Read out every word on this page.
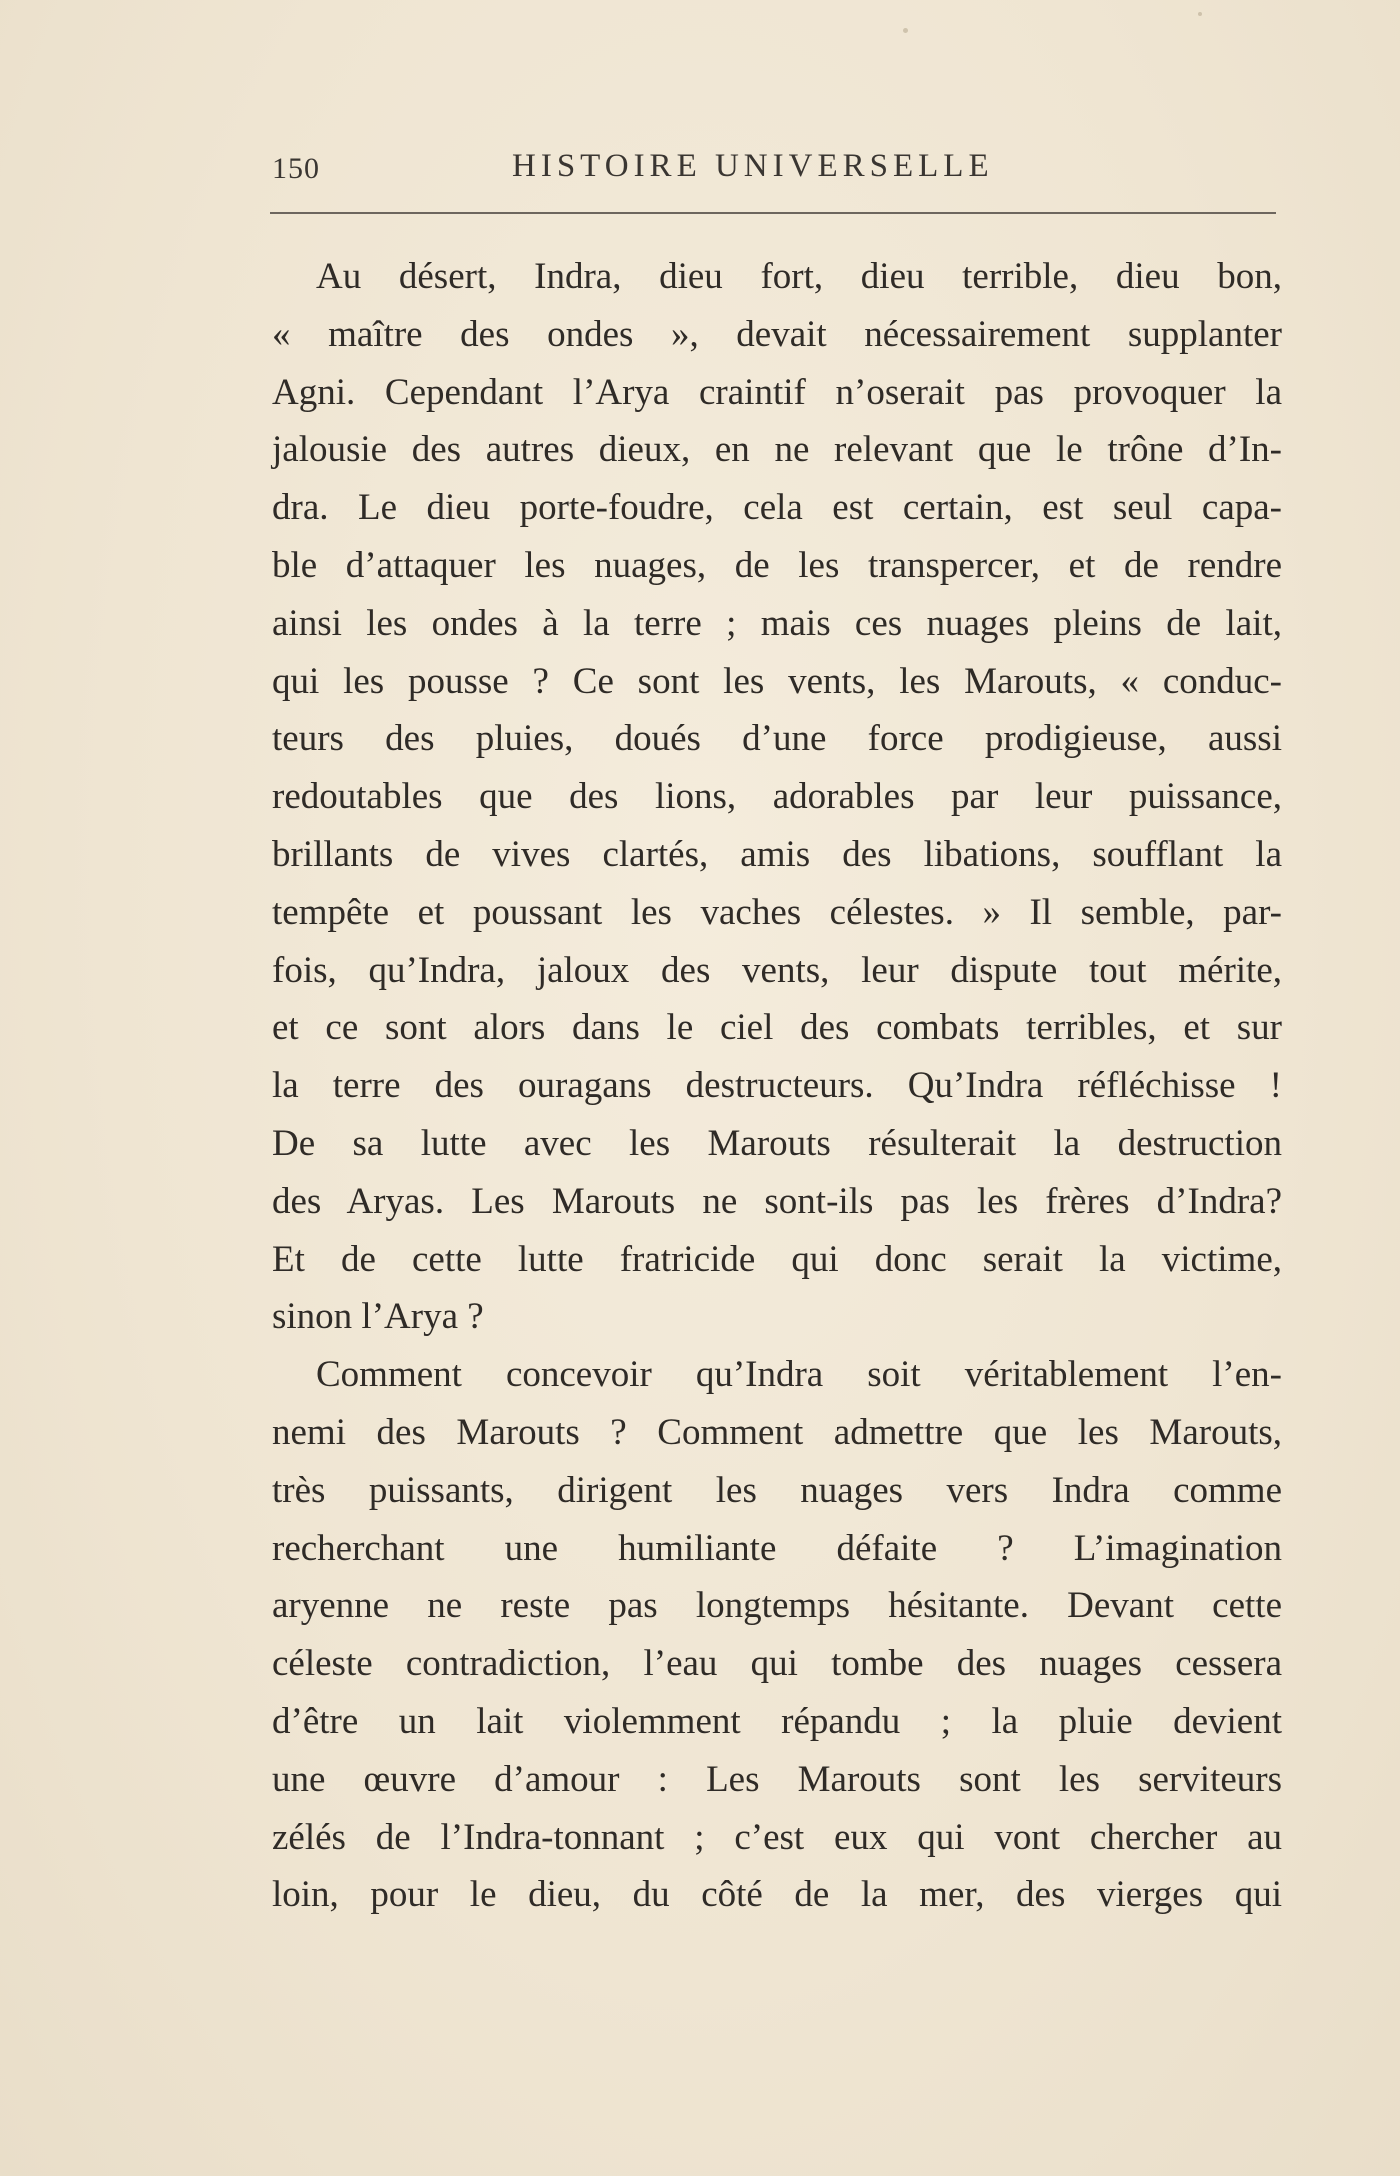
150	HISTOIRE UNIVERSELLE
Au désert, Indra, dieu fort, dieu terrible, dieu bon,
« maître des ondes », devait nécessairement supplanter
Agni. Cependant l’Arya craintif n’oserait pas provoquer la
jalousie des autres dieux, en ne relevant que le trône d’In-
dra. Le dieu porte-foudre, cela est certain, est seul capa-
ble d’attaquer les nuages, de les transpercer, et de rendre
ainsi les ondes à la terre ; mais ces nuages pleins de lait,
qui les pousse ? Ce sont les vents, les Marouts, « conduc-
teurs des pluies, doués d’une force prodigieuse, aussi
redoutables que des lions, adorables par leur puissance,
brillants de vives clartés, amis des libations, soufflant la
tempête et poussant les vaches célestes. » Il semble, par-
fois, qu’Indra, jaloux des vents, leur dispute tout mérite,
et ce sont alors dans le ciel des combats terribles, et sur
la terre des ouragans destructeurs. Qu’Indra réfléchisse !
De sa lutte avec les Marouts résulterait la destruction
des Aryas. Les Marouts ne sont-ils pas les frères d’Indra?
Et de cette lutte fratricide qui donc serait la victime,
sinon l’Arya ?
Comment concevoir qu’Indra soit véritablement l’en-
nemi des Marouts ? Comment admettre que les Marouts,
très puissants, dirigent les nuages vers Indra comme
recherchant une humiliante défaite ? L’imagination
aryenne ne reste pas longtemps hésitante. Devant cette
céleste contradiction, l’eau qui tombe des nuages cessera
d’être un lait violemment répandu ; la pluie devient
une œuvre d’amour : Les Marouts sont les serviteurs
zélés de l’Indra-tonnant ; c’est eux qui vont chercher au
loin, pour le dieu, du côté de la mer, des vierges qui
